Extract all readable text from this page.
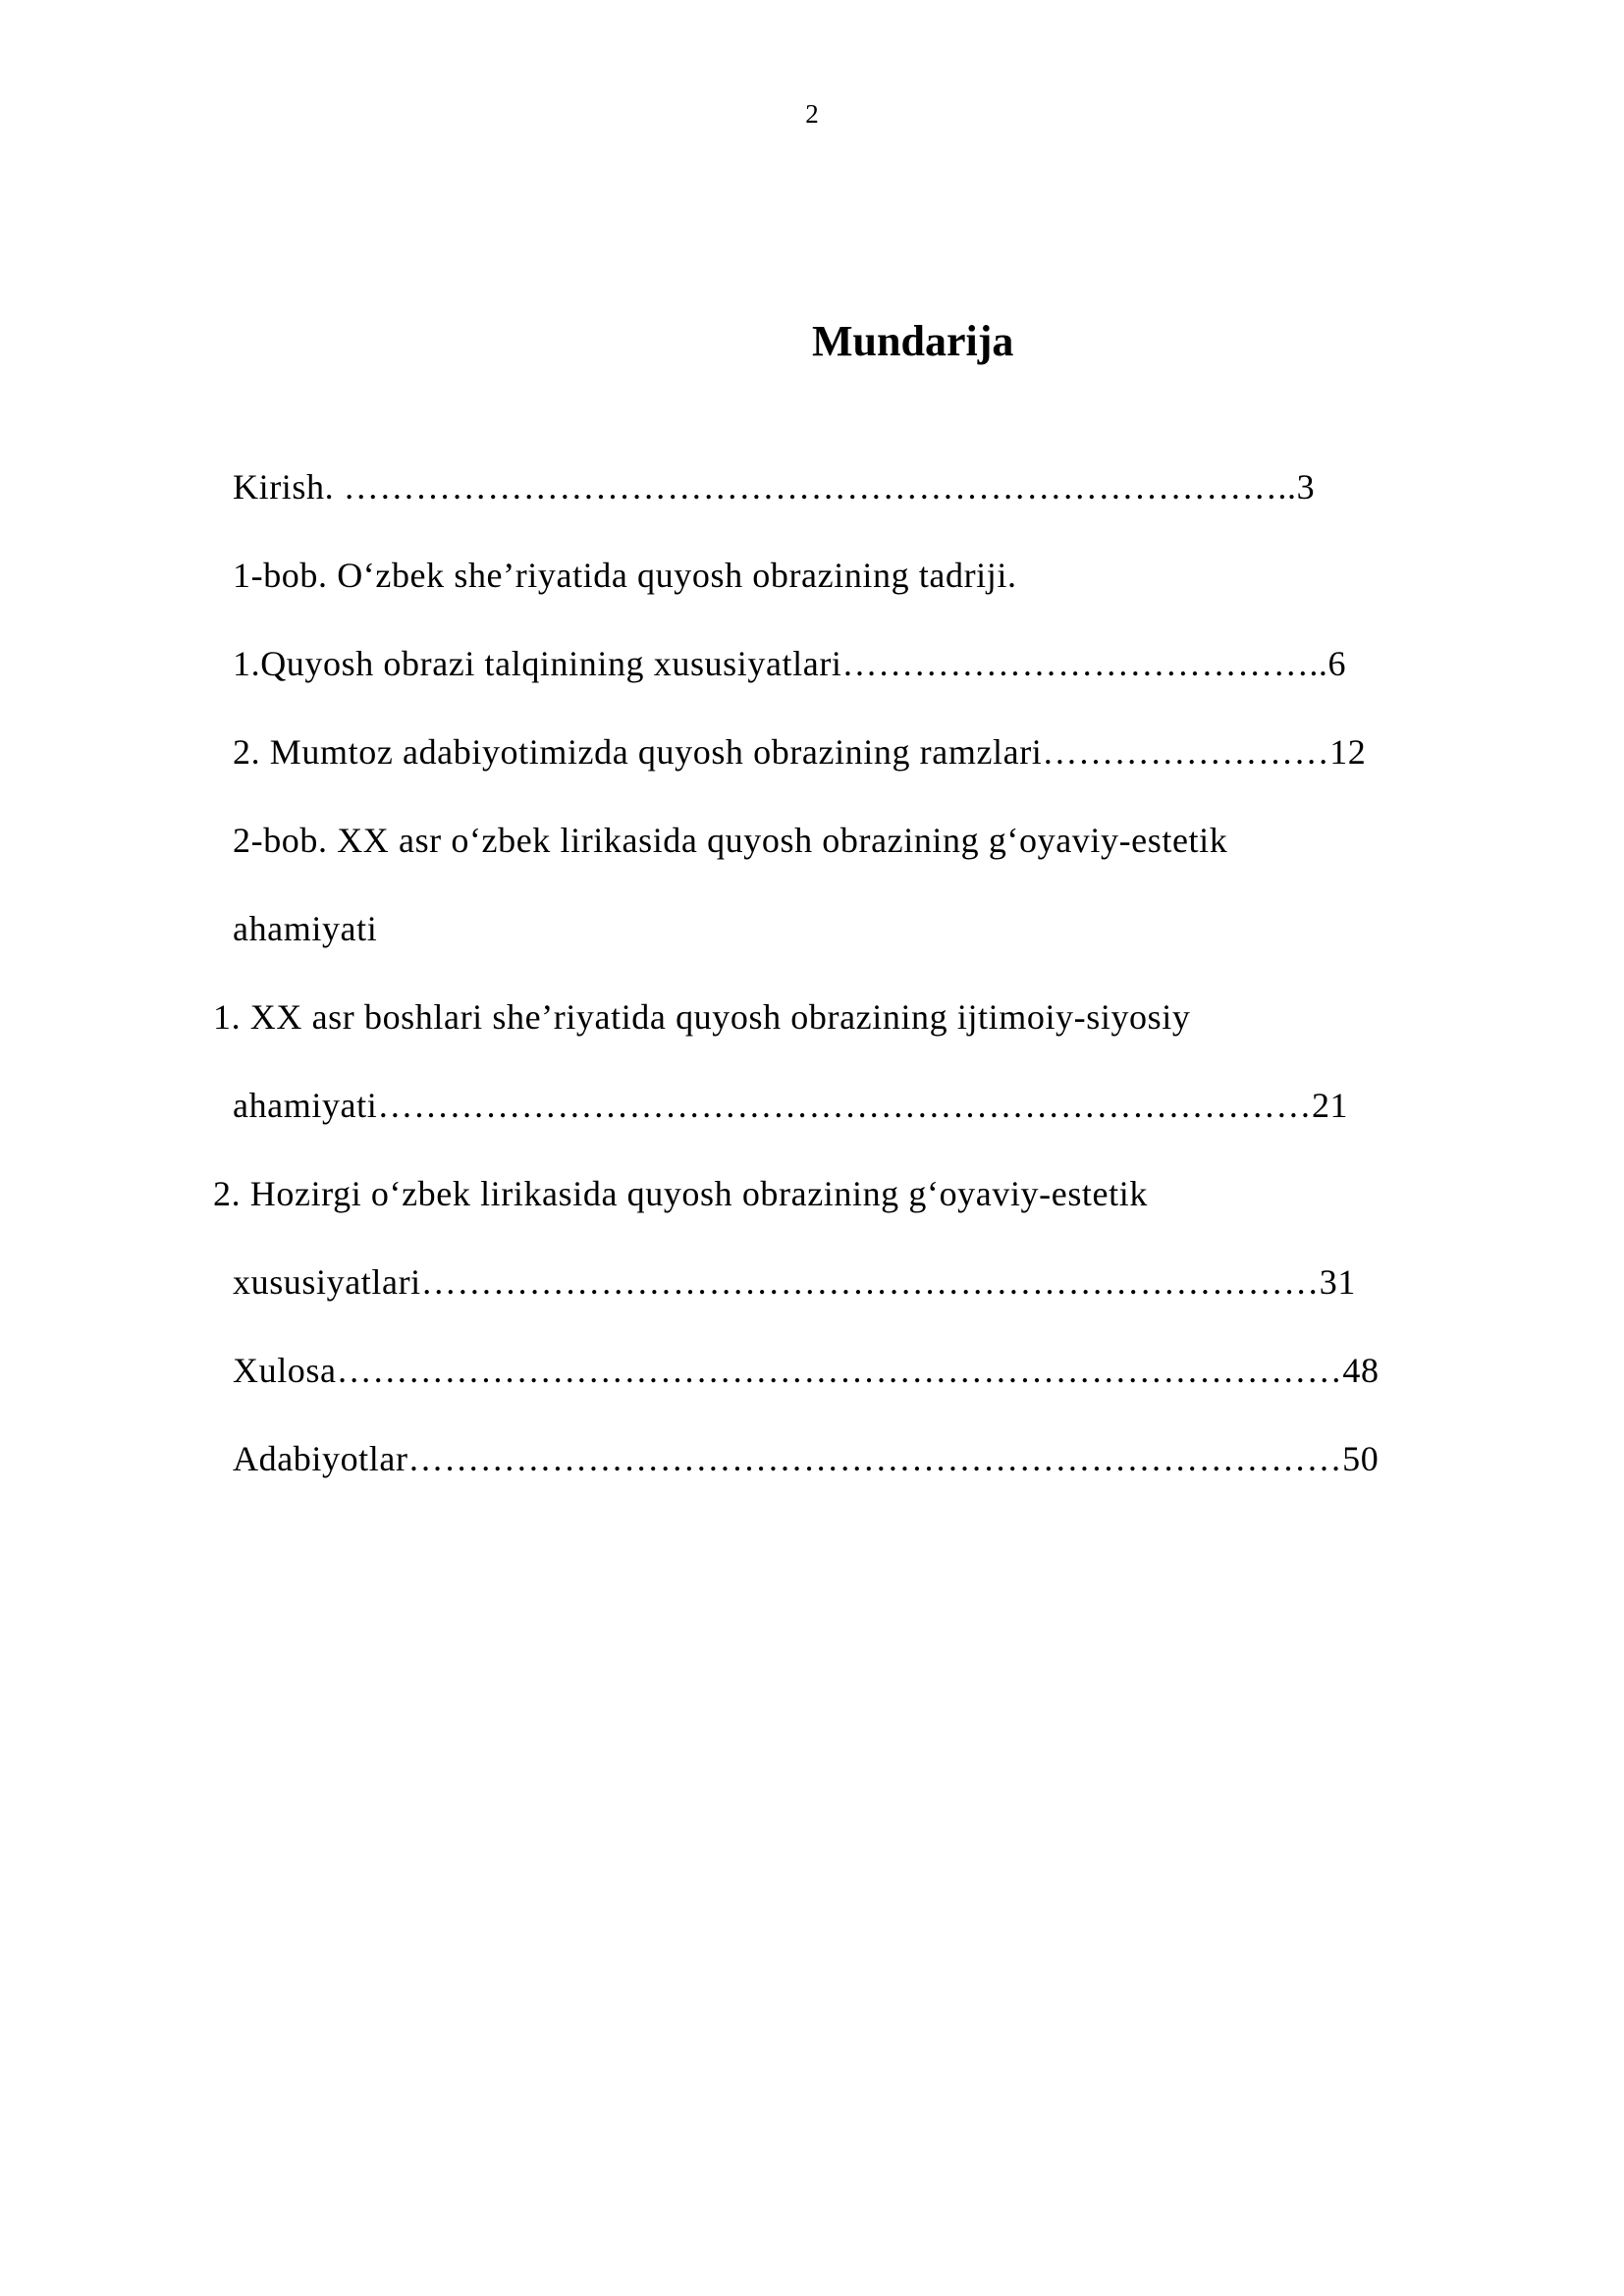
2
Mundarija
Kirish. ……………………………………………………………………..3
1-bob. O‘zbek she’riyatida quyosh obrazining tadriji.
1.Quyosh obrazi talqinining xususiyatlari…………………………………..6
2. Mumtoz adabiyotimizda quyosh obrazining ramzlari……………………12
2-bob. XX asr o‘zbek lirikasida quyosh obrazining g‘oyaviy-estetik
ahamiyati
1. XX asr boshlari she’riyatida quyosh obrazining ijtimoiy-siyosiy
ahamiyati……………………………………………………………………21
2. Hozirgi o‘zbek lirikasida quyosh obrazining g‘oyaviy-estetik
xususiyatlari…………………………………………………………………31
Xulosa…………………………………………………………………………48
Adabiyotlar……………………………………………………………………50
